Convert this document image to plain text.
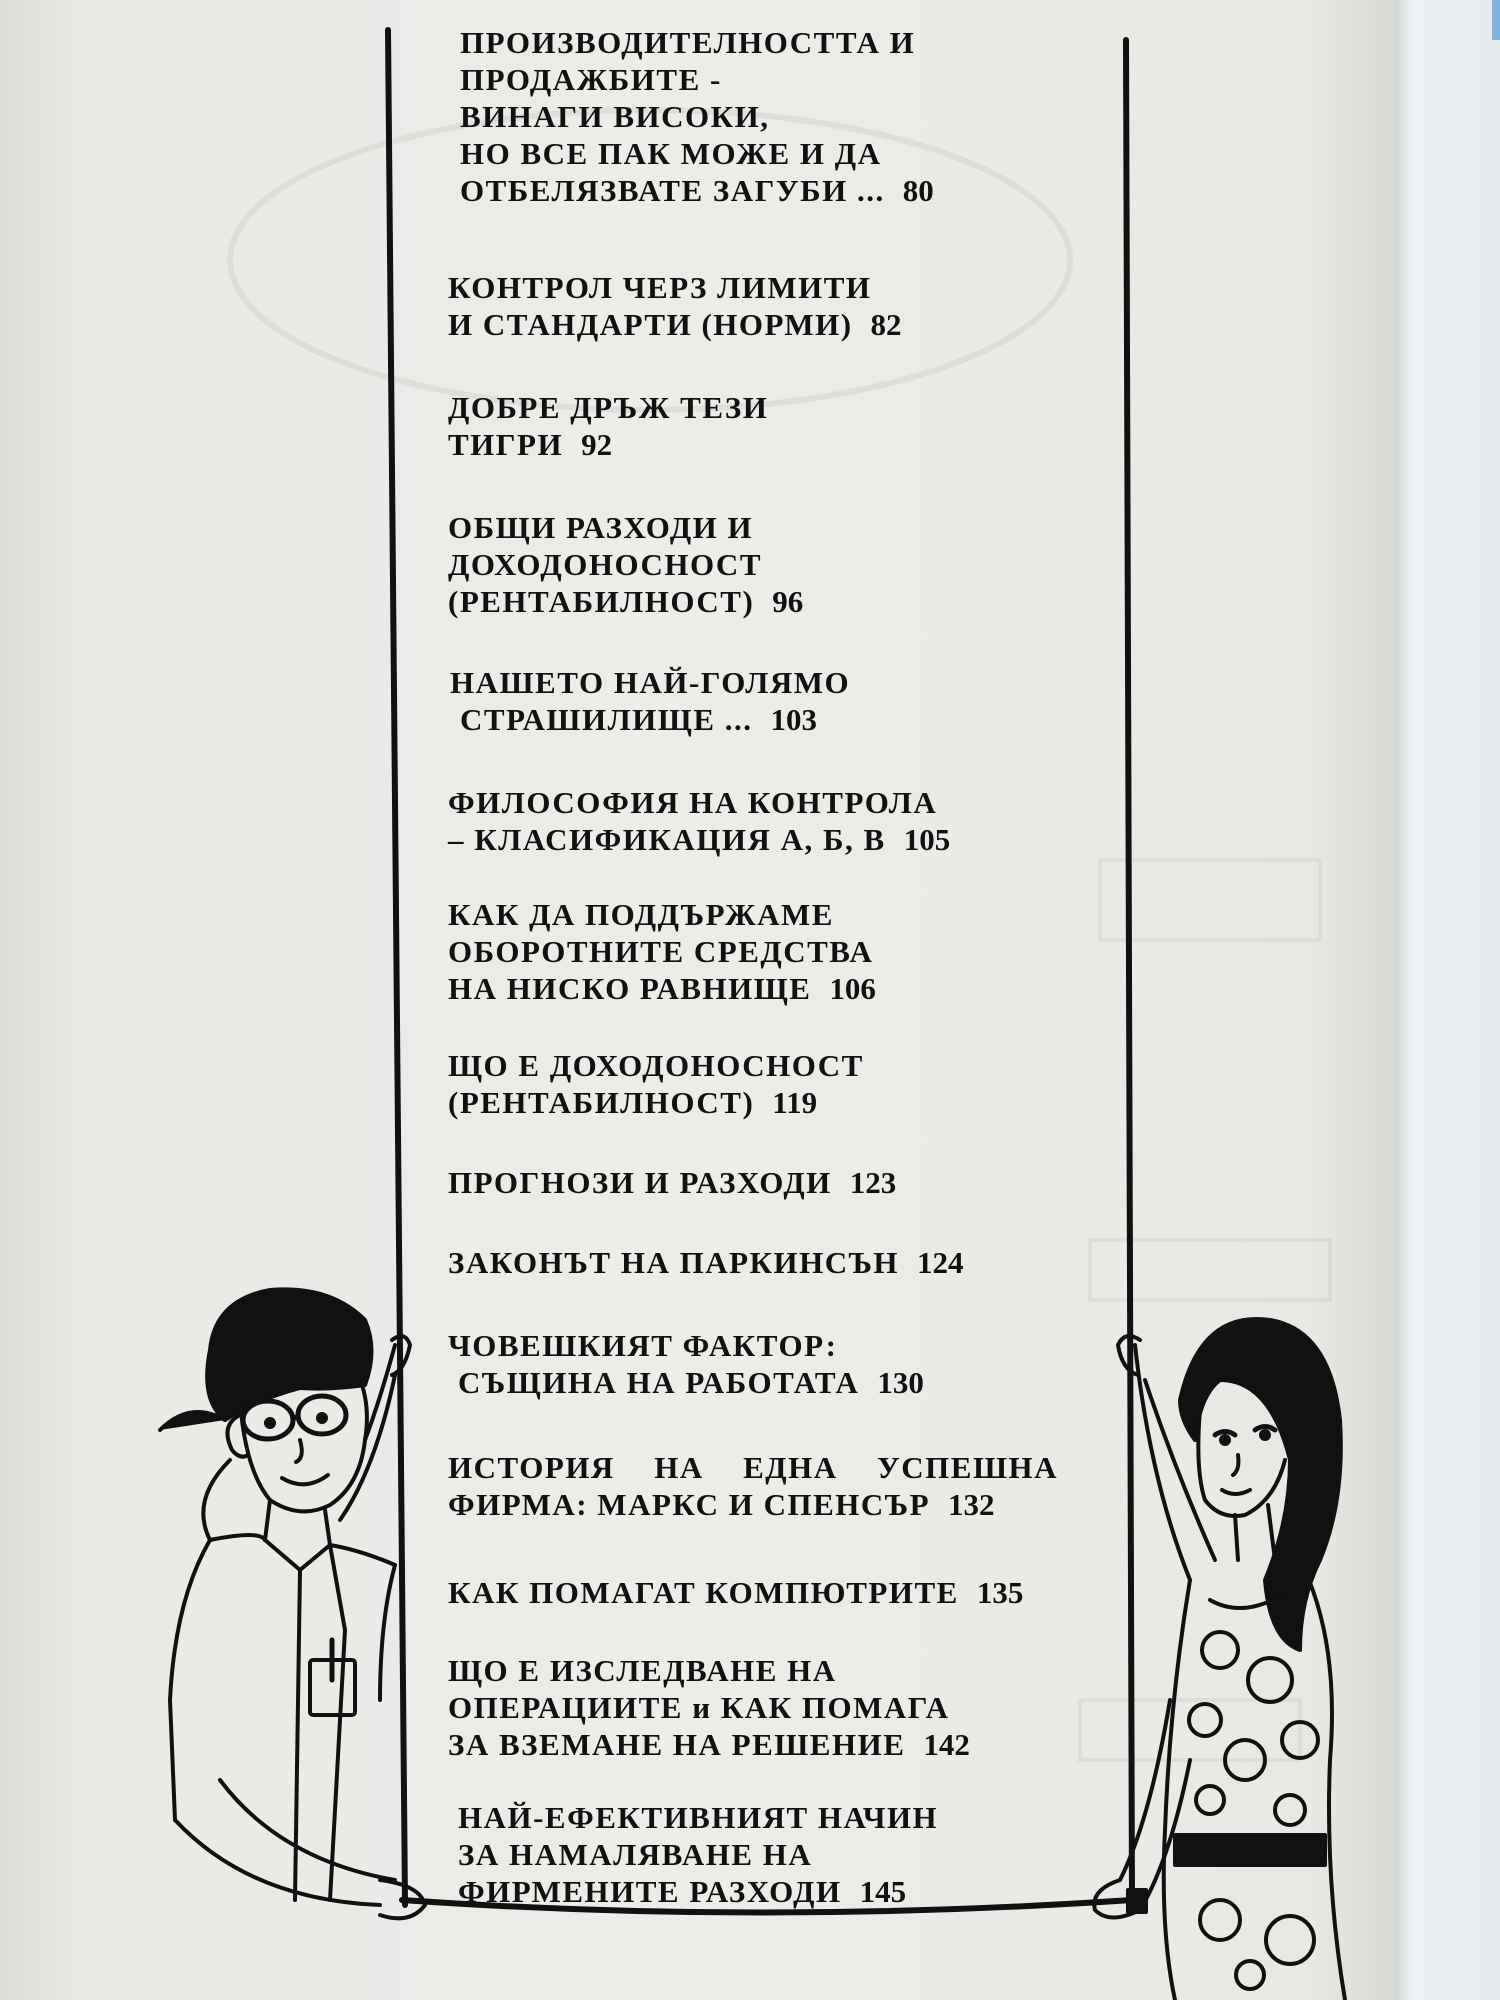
ПРОИЗВОДИТЕЛНОСТТА И
ПРОДАЖБИТЕ -
ВИНАГИ ВИСОКИ,
НО ВСЕ ПАК МОЖЕ И ДА
ОТБЕЛЯЗВАТЕ ЗАГУБИ ... 80
КОНТРОЛ ЧЕРЗ ЛИМИТИ
И СТАНДАРТИ (НОРМИ) 82
ДОБРЕ ДРЪЖ ТЕЗИ
ТИГРИ 92
ОБЩИ РАЗХОДИ И
ДОХОДОНОСНОСТ
(РЕНТАБИЛНОСТ) 96
НАШЕТО НАЙ-ГОЛЯМО
СТРАШИЛИЩЕ ... 103
ФИЛОСОФИЯ НА КОНТРОЛА
– КЛАСИФИКАЦИЯ А, Б, В 105
КАК ДА ПОДДЪРЖАМЕ
ОБОРОТНИТЕ СРЕДСТВА
НА НИСКО РАВНИЩЕ 106
ЩО Е ДОХОДОНОСНОСТ
(РЕНТАБИЛНОСТ) 119
ПРОГНОЗИ И РАЗХОДИ 123
ЗАКОНЪТ НА ПАРКИНСЪН 124
ЧОВЕШКИЯТ ФАКТОР:
СЪЩИНА НА РАБОТАТА 130
ИСТОРИЯ НА ЕДНА УСПЕШНА
ФИРМА: МАРКС И СПЕНСЪР 132
КАК ПОМАГАТ КОМПЮТРИТЕ 135
ЩО Е ИЗСЛЕДВАНЕ НА
ОПЕРАЦИИТЕ и КАК ПОМАГА
ЗА ВЗЕМАНЕ НА РЕШЕНИЕ 142
НАЙ-ЕФЕКТИВНИЯТ НАЧИН
ЗА НАМАЛЯВАНЕ НА
ФИРМЕНИТЕ РАЗХОДИ 145
